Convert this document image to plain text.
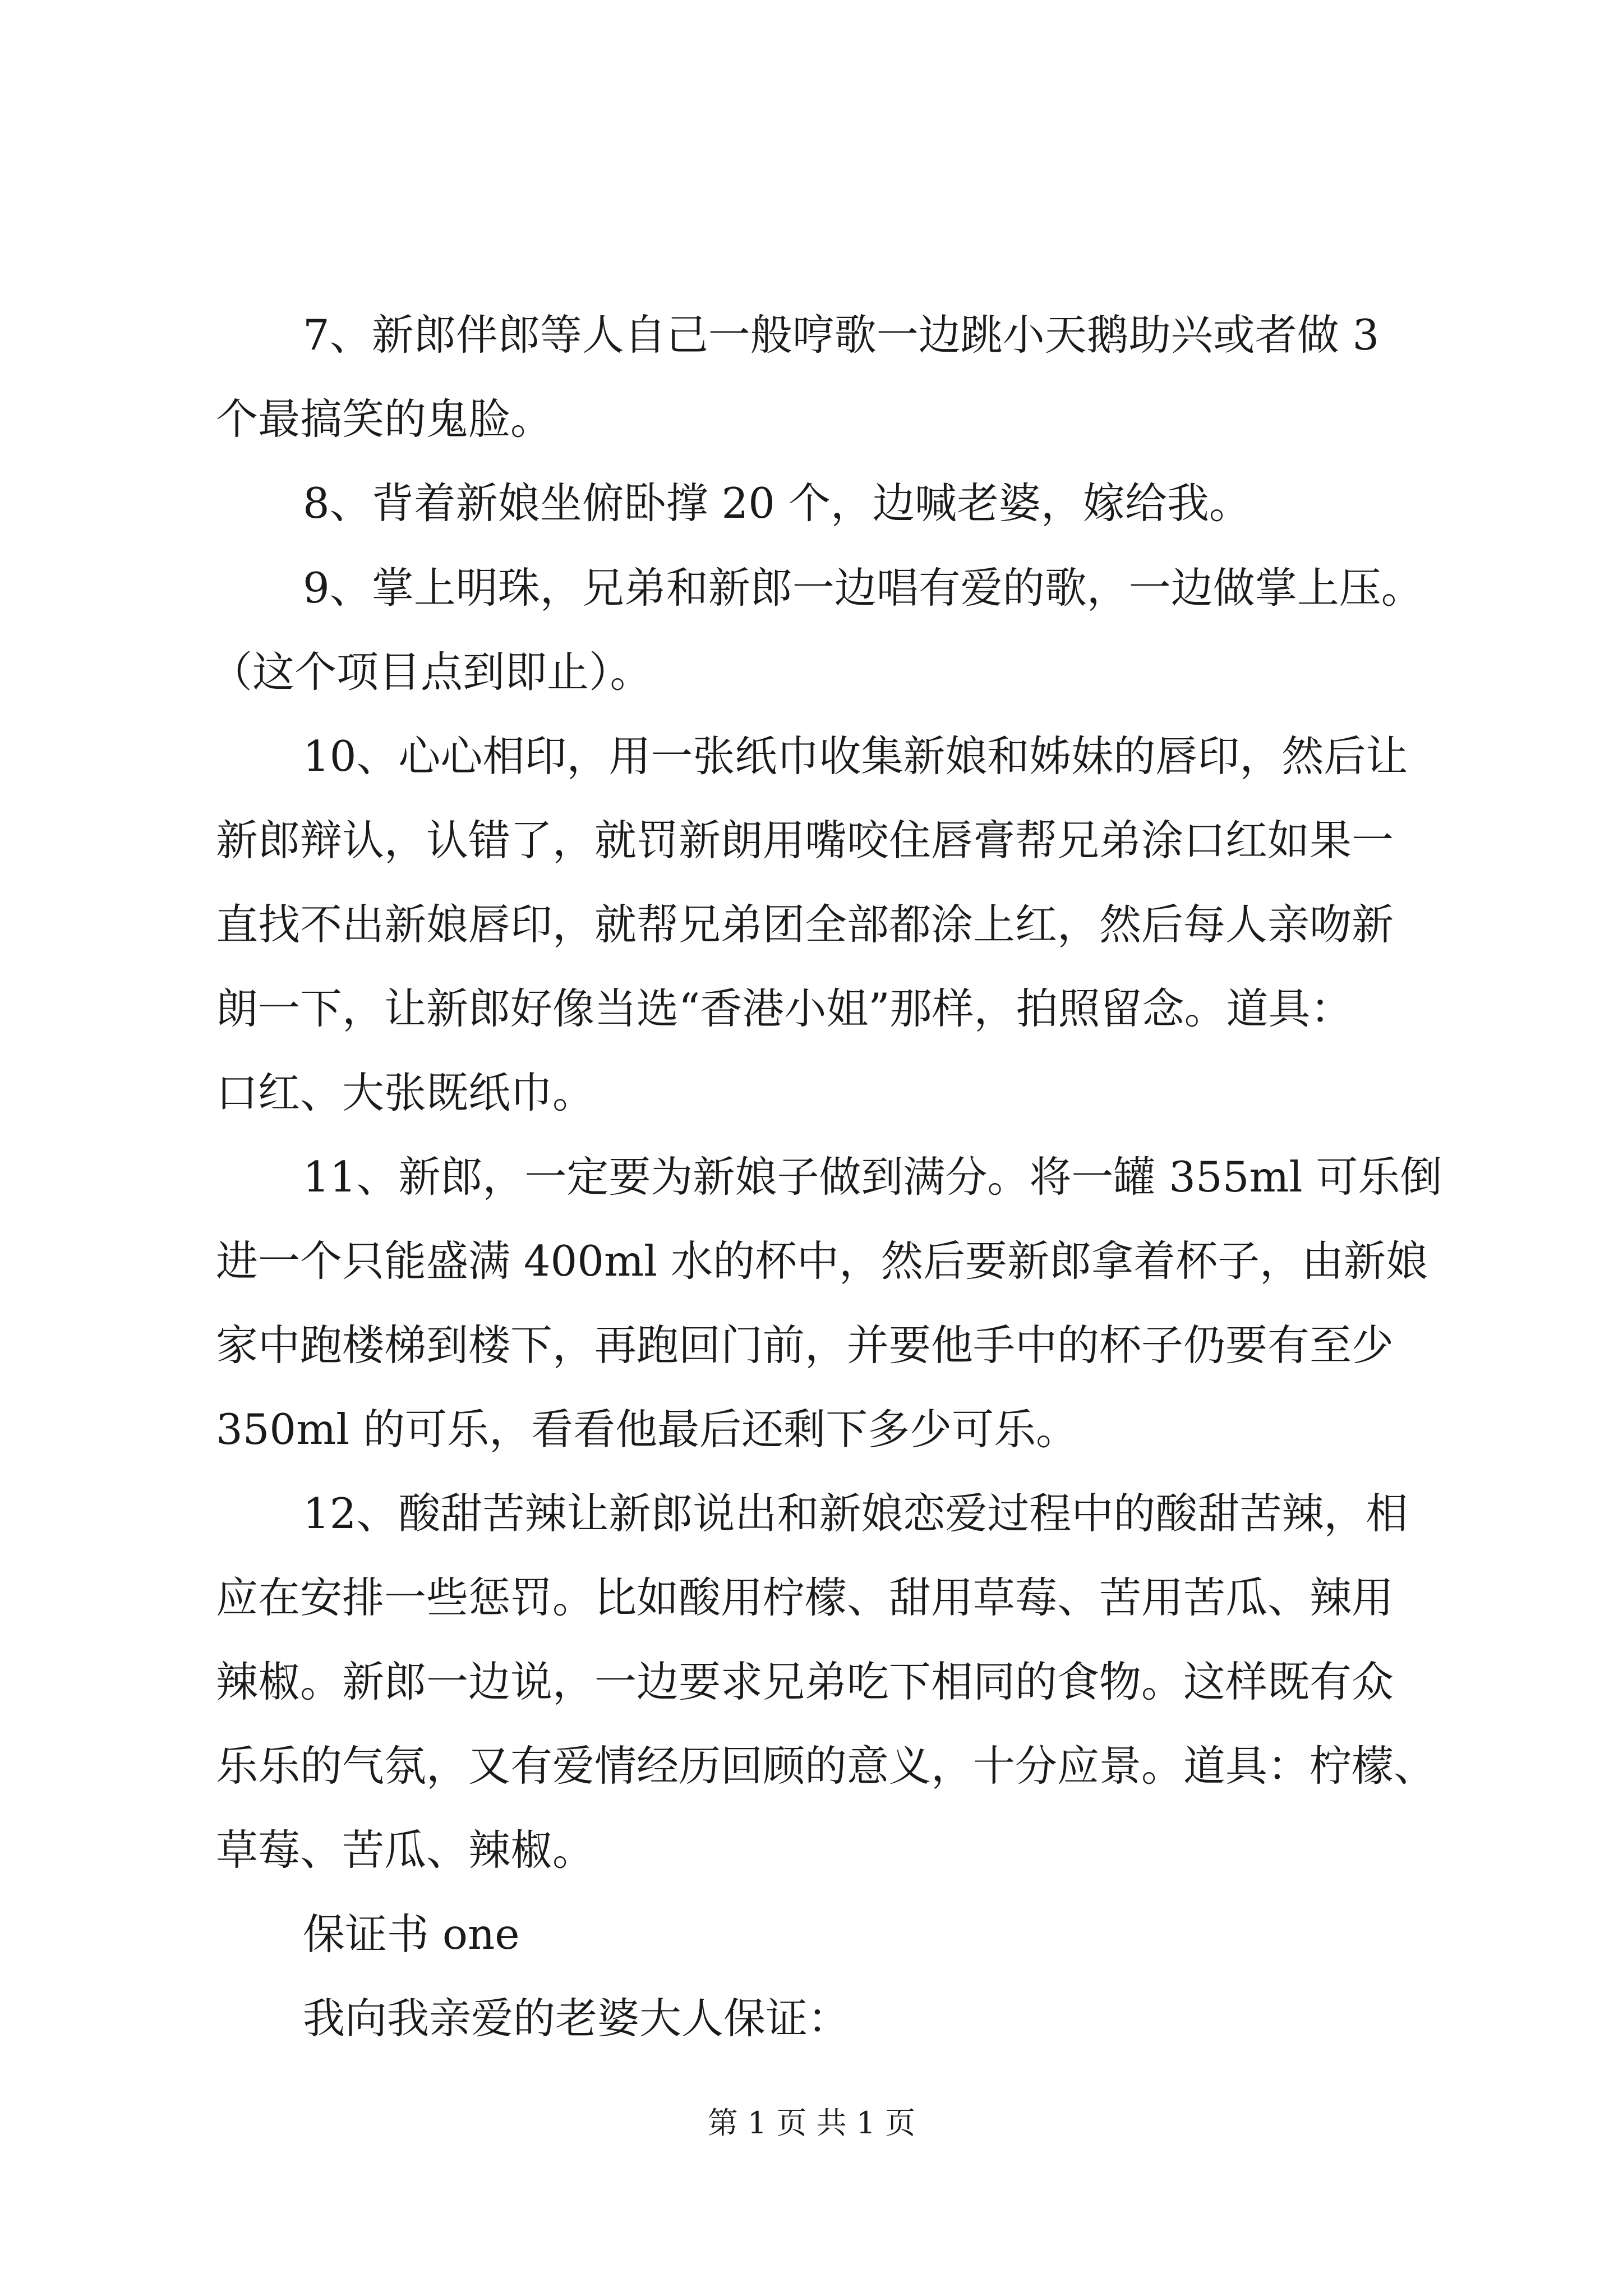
7、新郎伴郎等人自己一般哼歌一边跳小天鹅助兴或者做 3
个最搞笑的鬼脸。
8、背着新娘坐俯卧撑 20 个，边喊老婆，嫁给我。
9、掌上明珠，兄弟和新郎一边唱有爱的歌，一边做掌上压。
（这个项目点到即止）。
10、心心相印，用一张纸巾收集新娘和姊妹的唇印，然后让
新郎辩认，认错了，就罚新朗用嘴咬住唇膏帮兄弟涂口红如果一
直找不出新娘唇印，就帮兄弟团全部都涂上红，然后每人亲吻新
朗一下，让新郎好像当选“香港小姐”那样，拍照留念。道具：
口红、大张既纸巾。
11、新郎，一定要为新娘子做到满分。将一罐 355ml 可乐倒
进一个只能盛满 400ml 水的杯中，然后要新郎拿着杯子，由新娘
家中跑楼梯到楼下，再跑回门前，并要他手中的杯子仍要有至少
350ml 的可乐，看看他最后还剩下多少可乐。
12、酸甜苦辣让新郎说出和新娘恋爱过程中的酸甜苦辣，相
应在安排一些惩罚。比如酸用柠檬、甜用草莓、苦用苦瓜、辣用
辣椒。新郎一边说，一边要求兄弟吃下相同的食物。这样既有众
乐乐的气氛，又有爱情经历回顾的意义，十分应景。道具：柠檬、
草莓、苦瓜、辣椒。
保证书 one
我向我亲爱的老婆大人保证：
第 1 页 共 1 页
